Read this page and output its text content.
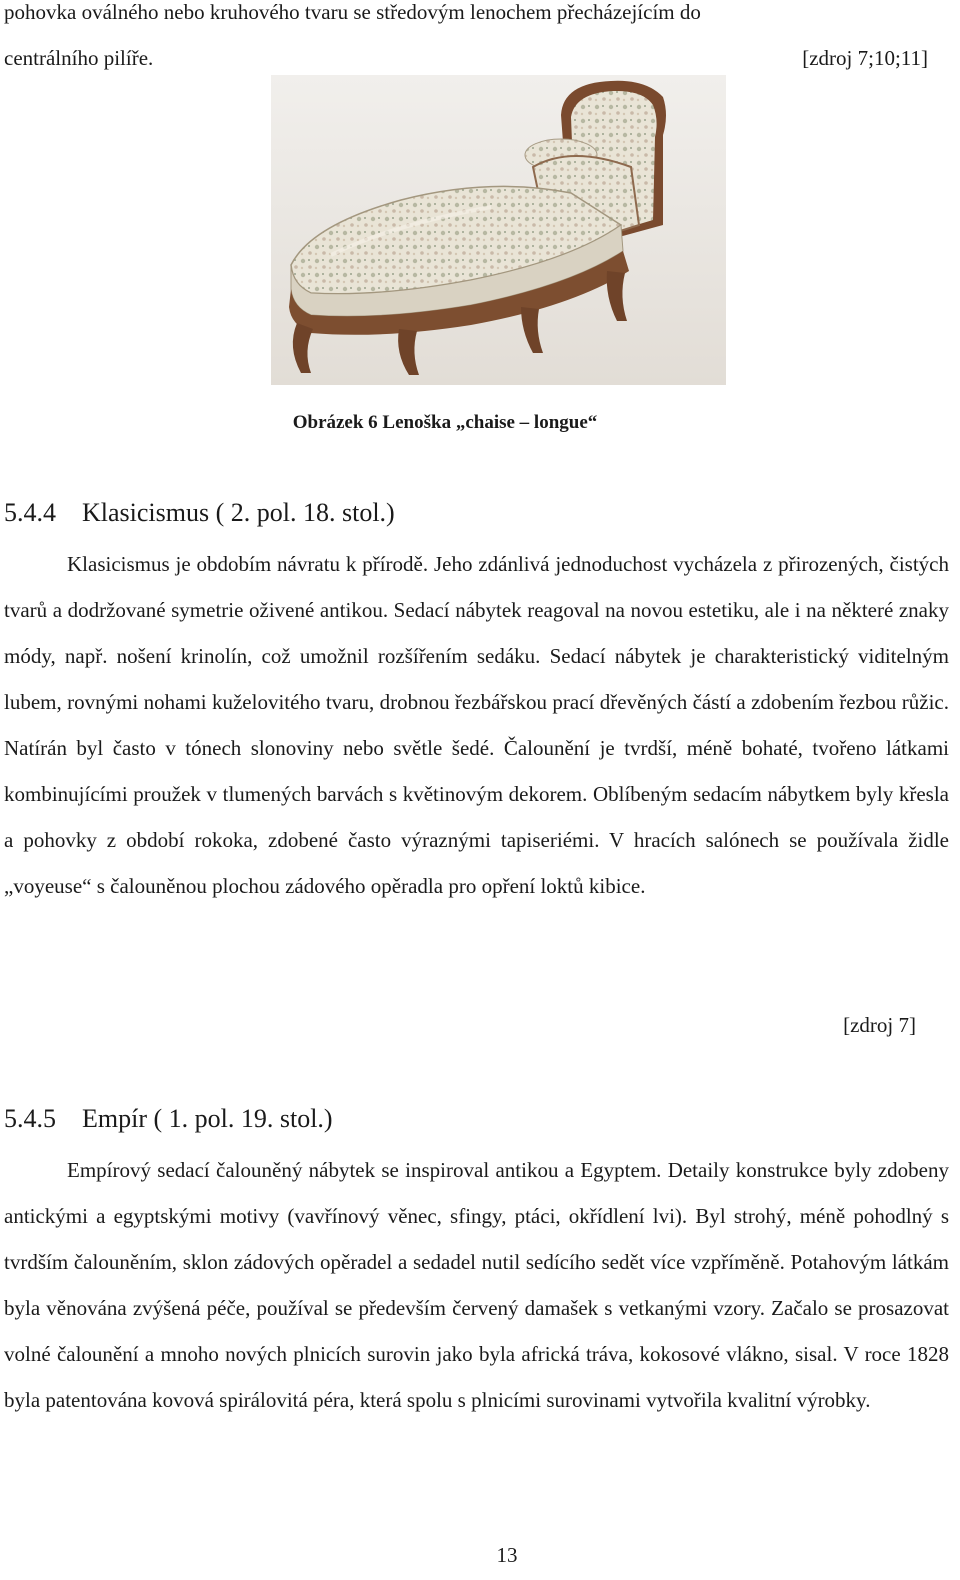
pohovka oválného nebo kruhového tvaru se středovým lenochem přecházejícím do
centrálního pilíře.	[zdroj 7;10;11]
Obrázek 6 Lenoška „chaise – longue“
5.4.4 Klasicismus ( 2. pol. 18. stol.)
Klasicismus je obdobím návratu k přírodě. Jeho zdánlivá jednoduchost vycházela z přirozených, čistých tvarů a dodržované symetrie oživené antikou. Sedací nábytek reagoval na novou estetiku, ale i na některé znaky módy, např. nošení krinolín, což umožnil rozšířením sedáku. Sedací nábytek je charakteristický viditelným lubem, rovnými nohami kuželovitého tvaru, drobnou řezbářskou prací dřevěných částí a zdobením řezbou růžic. Natírán byl často v tónech slonoviny nebo světle šedé. Čalounění je tvrdší, méně bohaté, tvořeno látkami kombinujícími proužek v tlumených barvách s květinovým dekorem. Oblíbeným sedacím nábytkem byly křesla a pohovky z období rokoka, zdobené často výraznými tapiseriémi. V hracích salónech se používala židle „voyeuse“ s čalouněnou plochou zádového opěradla pro opření loktů kibice.
[zdroj 7]
5.4.5 Empír ( 1. pol. 19. stol.)
Empírový sedací čalouněný nábytek se inspiroval antikou a Egyptem. Detaily konstrukce byly zdobeny antickými a egyptskými motivy (vavřínový věnec, sfingy, ptáci, okřídlení lvi). Byl strohý, méně pohodlný s tvrdším čalouněním, sklon zádových opěradel a sedadel nutil sedícího sedět více vzpříměně. Potahovým látkám byla věnována zvýšená péče, používal se především červený damašek s vetkanými vzory. Začalo se prosazovat volné čalounění a mnoho nových plnicích surovin jako byla africká tráva, kokosové vlákno, sisal. V roce 1828 byla patentována kovová spirálovitá péra, která spolu s plnicími surovinami vytvořila kvalitní výrobky.
13
